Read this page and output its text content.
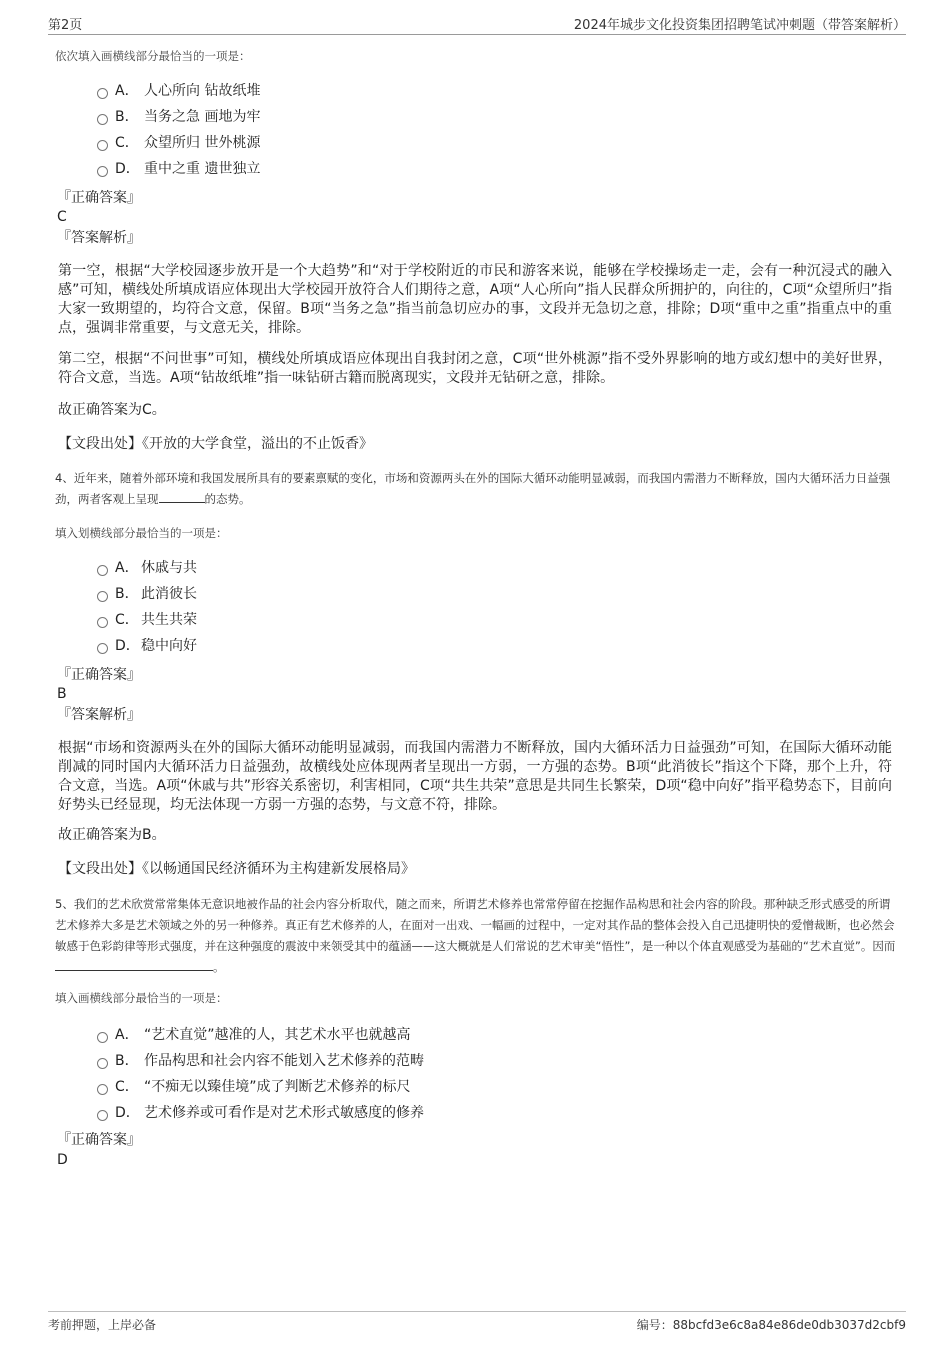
第2页	2024年城步文化投资集团招聘笔试冲刺题（带答案解析）
依次填入画横线部分最恰当的一项是：
A． 人心所向 钻故纸堆
B． 当务之急 画地为牢
C． 众望所归 世外桃源
D． 重中之重 遗世独立
『正确答案』
C
『答案解析』
第一空，根据“大学校园逐步放开是一个大趋势”和“对于学校附近的市民和游客来说，能够在学校操场走一走，会有一种沉浸式的融入感”可知，横线处所填成语应体现出大学校园开放符合人们期待之意，A项“人心所向”指人民群众所拥护的，向往的，C项“众望所归”指大家一致期望的，均符合文意，保留。B项“当务之急”指当前急切应办的事，文段并无急切之意，排除；D项“重中之重”指重点中的重点，强调非常重要，与文意无关，排除。
第二空，根据“不问世事”可知，横线处所填成语应体现出自我封闭之意，C项“世外桃源”指不受外界影响的地方或幻想中的美好世界，符合文意，当选。A项“钻故纸堆”指一味钻研古籍而脱离现实，文段并无钻研之意，排除。
故正确答案为C。
【文段出处】《开放的大学食堂，溢出的不止饭香》
4、近年来，随着外部环境和我国发展所具有的要素禀赋的变化，市场和资源两头在外的国际大循环动能明显减弱，而我国内需潜力不断释放，国内大循环活力日益强劲，两者客观上呈现	的态势。
填入划横线部分最恰当的一项是：
A． 休戚与共
B． 此消彼长
C． 共生共荣
D． 稳中向好
『正确答案』
B
『答案解析』
根据“市场和资源两头在外的国际大循环动能明显减弱，而我国内需潜力不断释放，国内大循环活力日益强劲”可知，在国际大循环动能削减的同时国内大循环活力日益强劲，故横线处应体现两者呈现出一方弱，一方强的态势。B项“此消彼长”指这个下降，那个上升，符合文意，当选。A项“休戚与共”形容关系密切，利害相同，C项“共生共荣”意思是共同生长繁荣，D项“稳中向好”指平稳势态下，目前向好势头已经显现，均无法体现一方弱一方强的态势，与文意不符，排除。
故正确答案为B。
【文段出处】《以畅通国民经济循环为主构建新发展格局》
5、我们的艺术欣赏常常集体无意识地被作品的社会内容分析取代，随之而来，所谓艺术修养也常常停留在挖掘作品构思和社会内容的阶段。那种缺乏形式感受的所谓艺术修养大多是艺术领域之外的另一种修养。真正有艺术修养的人，在面对一出戏、一幅画的过程中，一定对其作品的整体会投入自己迅捷明快的爱憎裁断，也必然会敏感于色彩韵律等形式强度，并在这种强度的震波中来领受其中的蕴涵——这大概就是人们常说的艺术审美“悟性”，是一种以个体直观感受为基础的“艺术直觉”。因而。
填入画横线部分最恰当的一项是：
A． “艺术直觉”越准的人，其艺术水平也就越高
B． 作品构思和社会内容不能划入艺术修养的范畴
C． “不痴无以臻佳境”成了判断艺术修养的标尺
D． 艺术修养或可看作是对艺术形式敏感度的修养
『正确答案』
D
考前押题，上岸必备	编号：88bcfd3e6c8a84e86de0db3037d2cbf9
